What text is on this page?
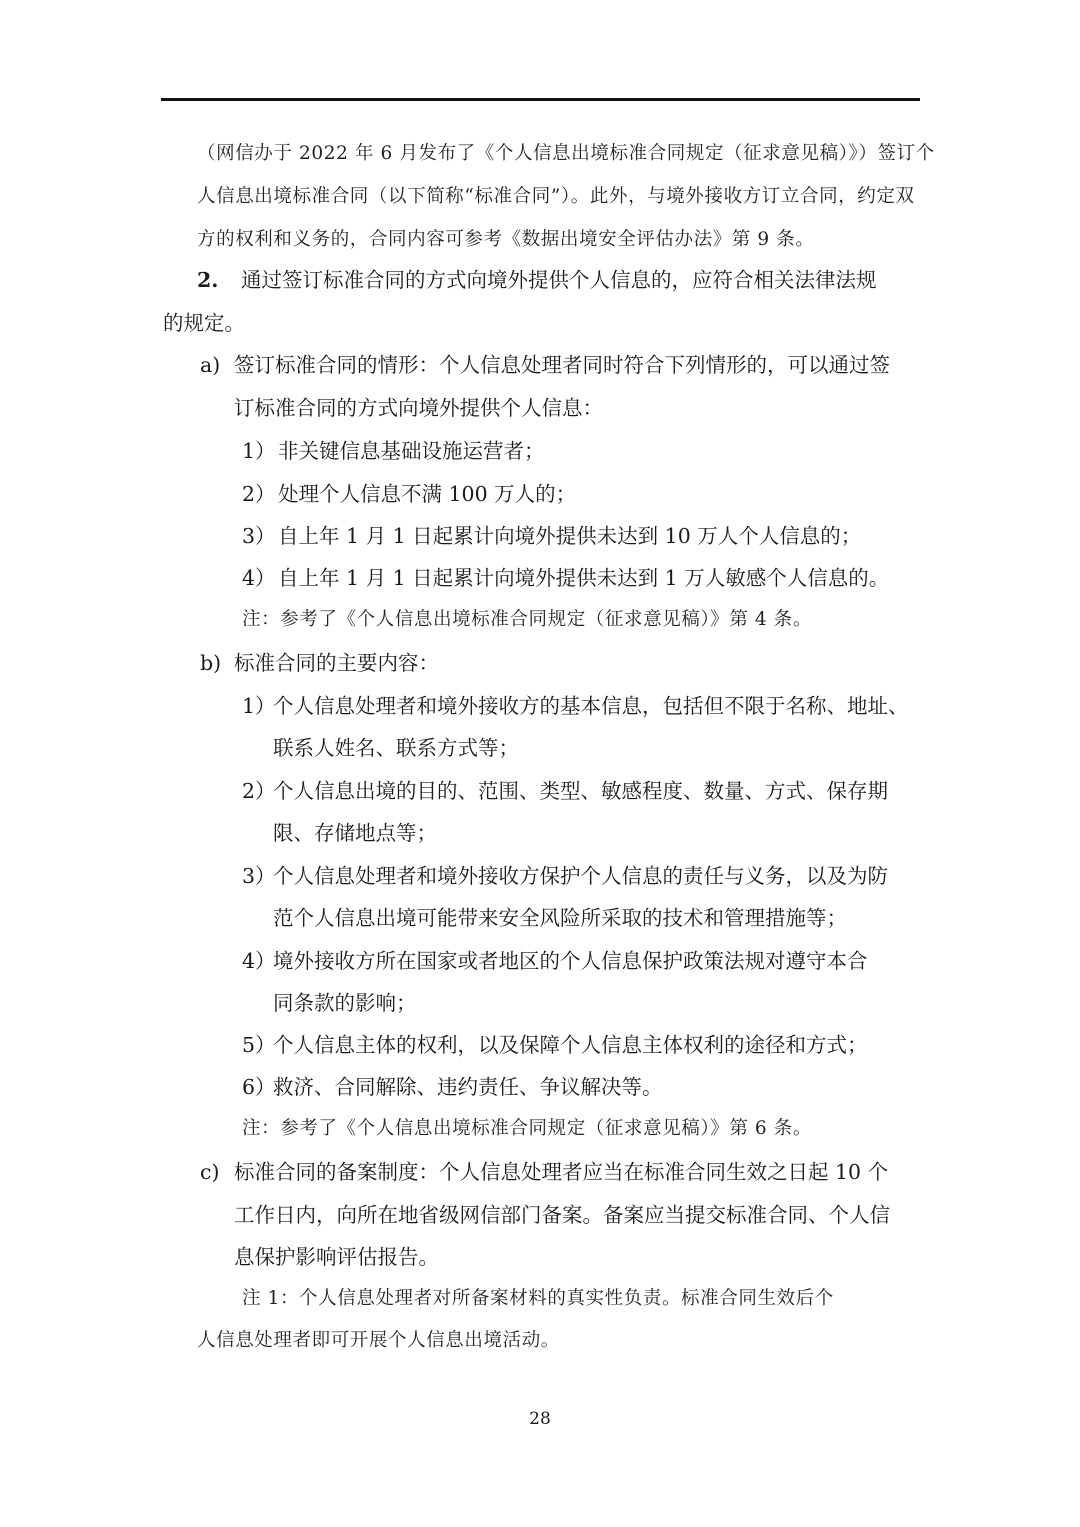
（网信办于 2022 年 6 月发布了《个人信息出境标准合同规定（征求意见稿）》）签订个
人信息出境标准合同（以下简称“标准合同”）。此外，与境外接收方订立合同，约定双
方的权利和义务的，合同内容可参考《数据出境安全评估办法》第 9 条。
2. 通过签订标准合同的方式向境外提供个人信息的，应符合相关法律法规
的规定。
a) 签订标准合同的情形：个人信息处理者同时符合下列情形的，可以通过签
订标准合同的方式向境外提供个人信息：
1） 非关键信息基础设施运营者；
2） 处理个人信息不满 100 万人的；
3） 自上年 1 月 1 日起累计向境外提供未达到 10 万人个人信息的；
4） 自上年 1 月 1 日起累计向境外提供未达到 1 万人敏感个人信息的。
注：参考了《个人信息出境标准合同规定（征求意见稿）》第 4 条。
b) 标准合同的主要内容：
1）个人信息处理者和境外接收方的基本信息，包括但不限于名称、地址、
联系人姓名、联系方式等；
2）个人信息出境的目的、范围、类型、敏感程度、数量、方式、保存期
限、存储地点等；
3）个人信息处理者和境外接收方保护个人信息的责任与义务，以及为防
范个人信息出境可能带来安全风险所采取的技术和管理措施等；
4）境外接收方所在国家或者地区的个人信息保护政策法规对遵守本合
同条款的影响；
5）个人信息主体的权利，以及保障个人信息主体权利的途径和方式；
6）救济、合同解除、违约责任、争议解决等。
注：参考了《个人信息出境标准合同规定（征求意见稿）》第 6 条。
c) 标准合同的备案制度：个人信息处理者应当在标准合同生效之日起 10 个
工作日内，向所在地省级网信部门备案。备案应当提交标准合同、个人信
息保护影响评估报告。
注 1：个人信息处理者对所备案材料的真实性负责。标准合同生效后个
人信息处理者即可开展个人信息出境活动。
28
